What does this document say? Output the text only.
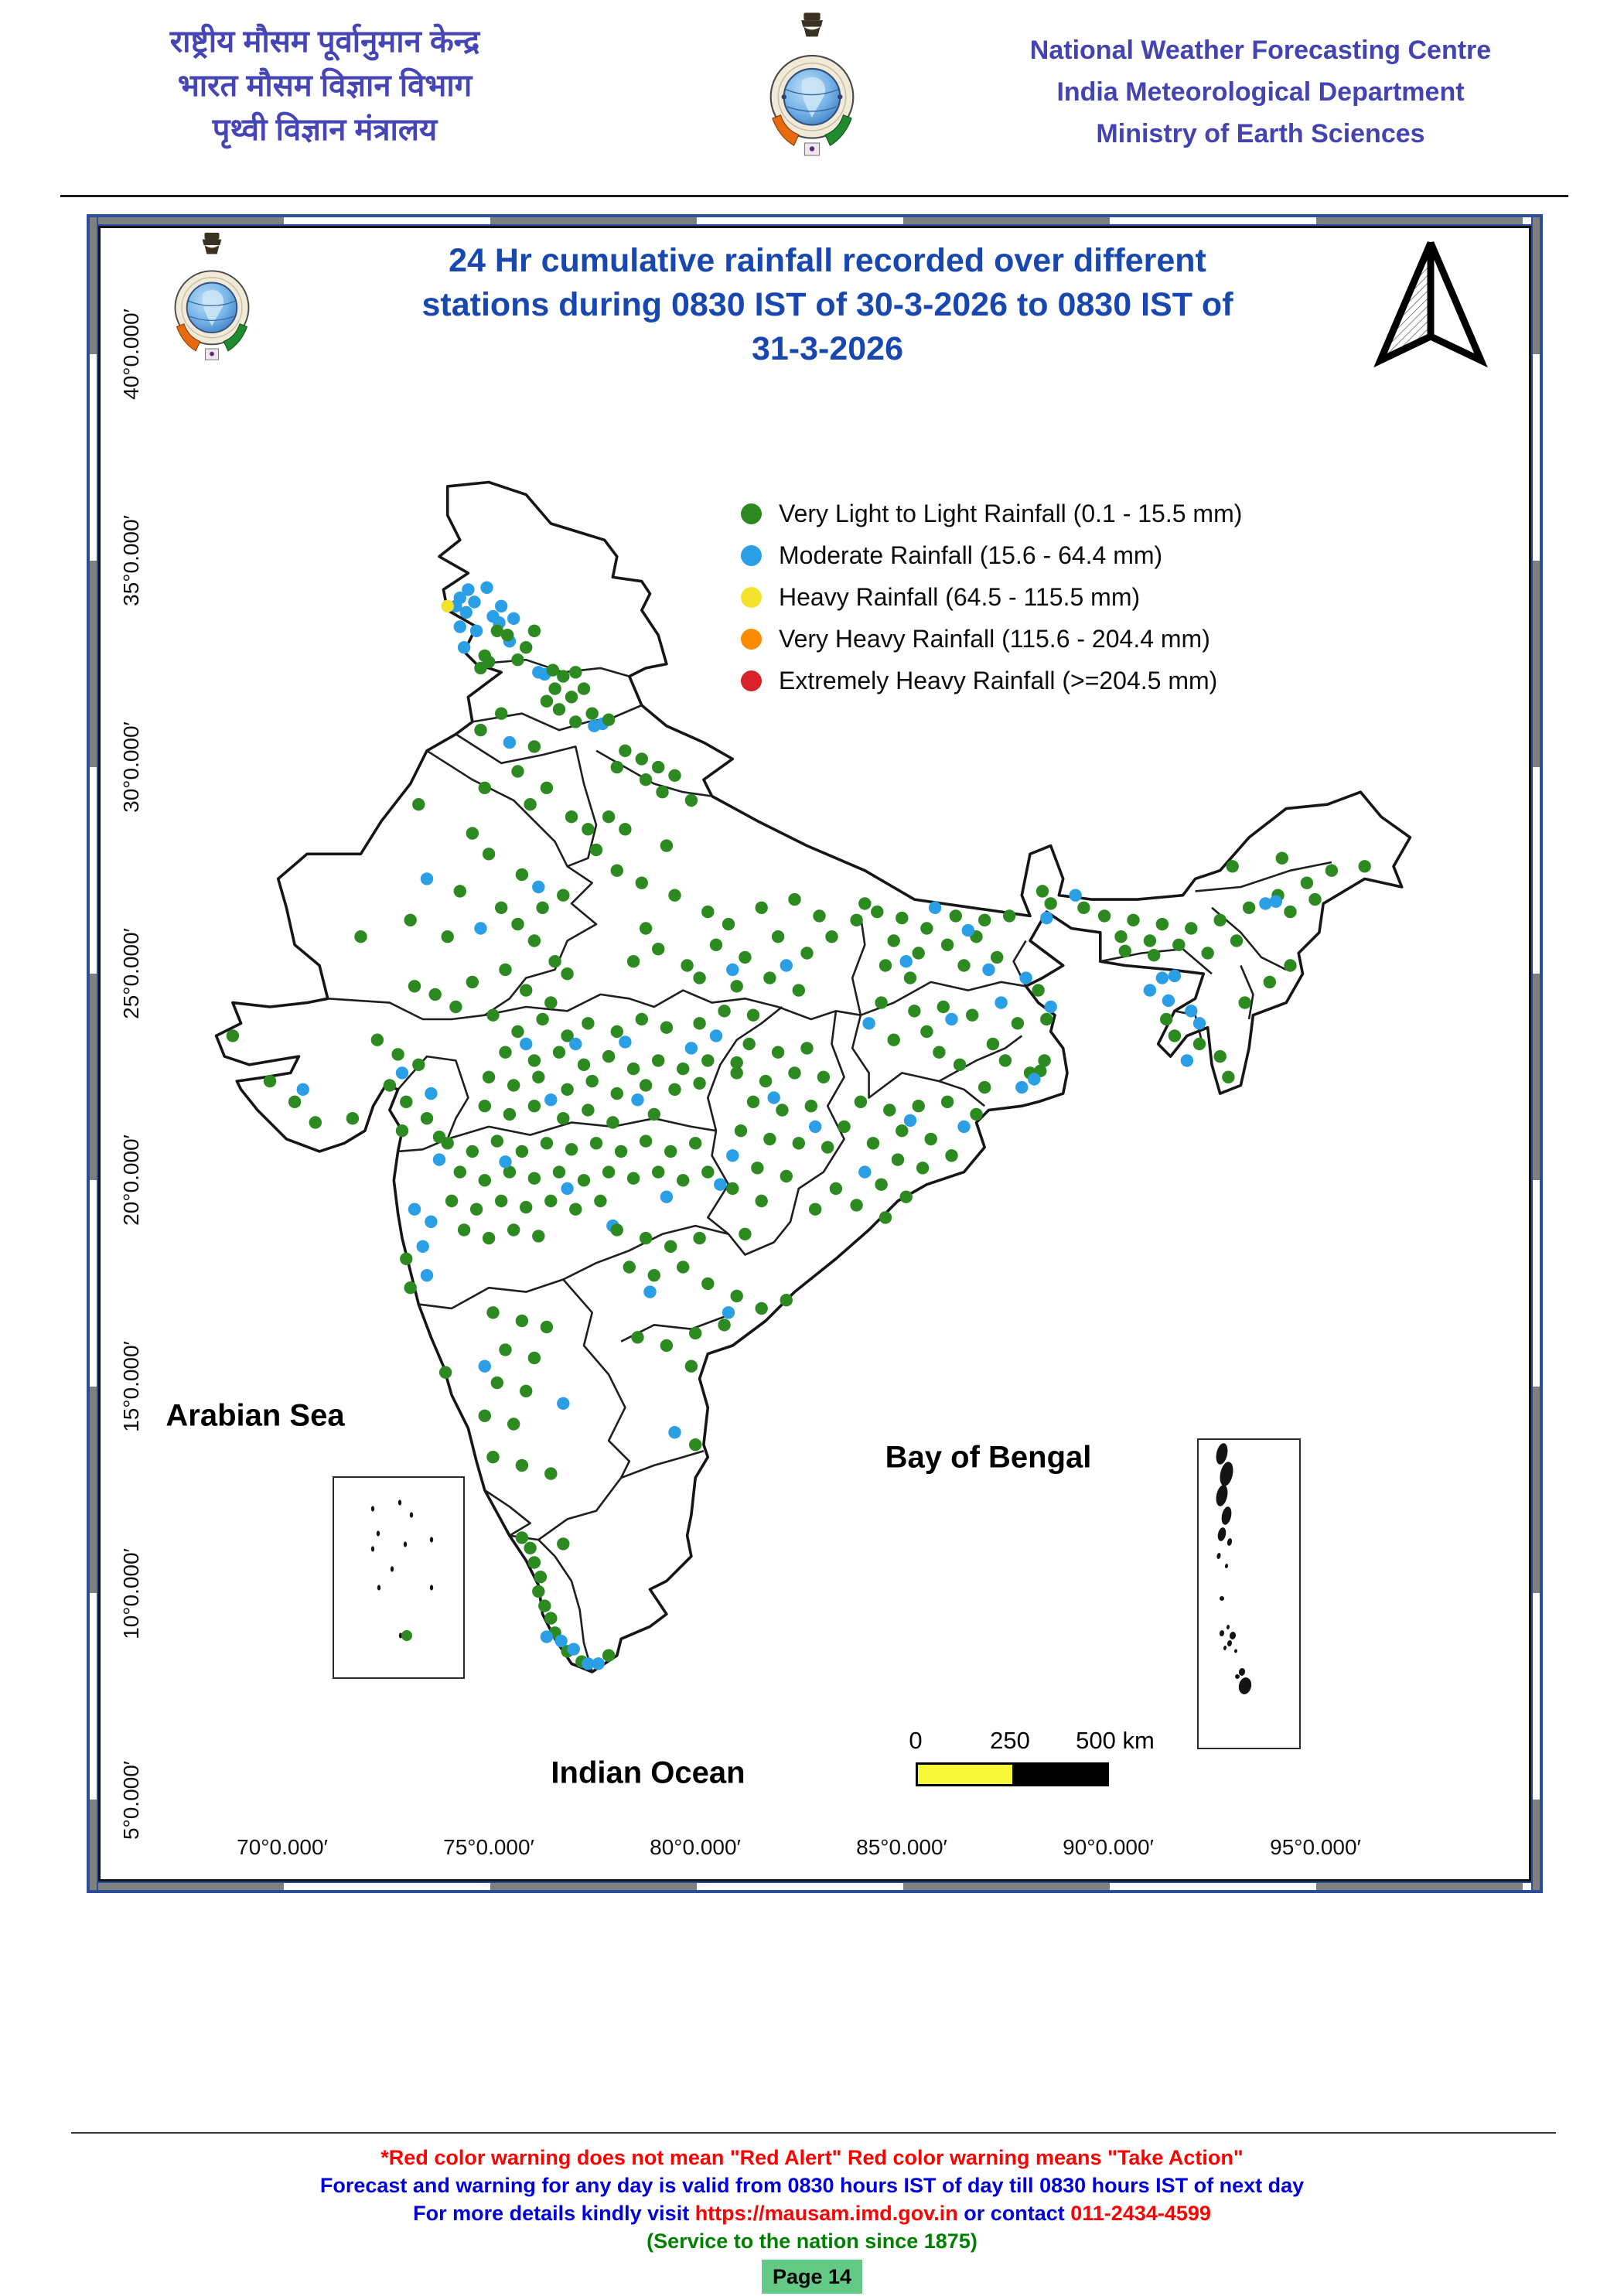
राष्ट्रीय मौसम पूर्वानुमान केन्द्र
भारत मौसम विज्ञान विभाग
पृथ्वी विज्ञान मंत्रालय
National Weather Forecasting Centre
India Meteorological Department
Ministry of Earth Sciences
24 Hr cumulative rainfall recorded over different
stations during 0830 IST of 30-3-2026 to 0830 IST of
31-3-2026
Very Light to Light Rainfall (0.1 - 15.5 mm)
Moderate Rainfall (15.6 - 64.4 mm)
Heavy Rainfall (64.5 - 115.5 mm)
Very Heavy Rainfall (115.6 - 204.4 mm)
Extremely Heavy Rainfall (>=204.5 mm)
40°0.000′
35°0.000′
30°0.000′
25°0.000′
20°0.000′
15°0.000′
10°0.000′
5°0.000′
70°0.000′	75°0.000′	80°0.000′	85°0.000′	90°0.000′	95°0.000′
Arabian Sea
Bay of Bengal
Indian Ocean
0	250 500 km
*Red color warning does not mean "Red Alert" Red color warning means "Take Action"
Forecast and warning for any day is valid from 0830 hours IST of day till 0830 hours IST of next day
For more details kindly visit https://mausam.imd.gov.in or contact 011-2434-4599
(Service to the nation since 1875)
Page 14
